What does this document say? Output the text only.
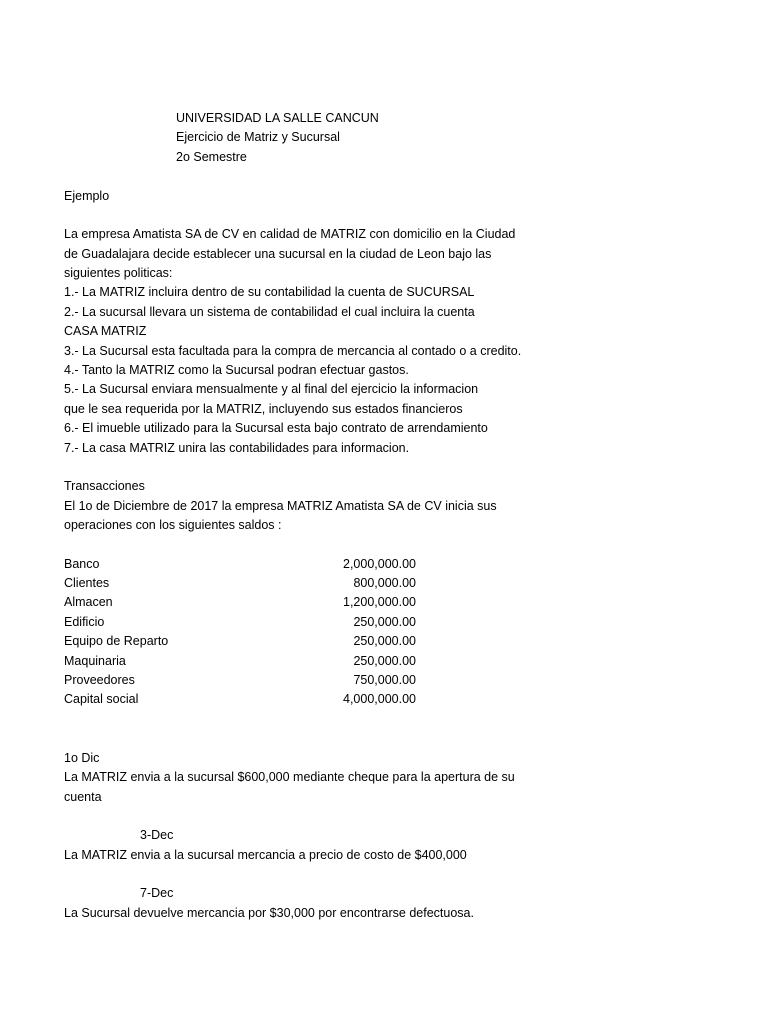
UNIVERSIDAD LA SALLE CANCUN
Ejercicio de Matriz y Sucursal
2o Semestre
Ejemplo
La empresa Amatista SA de CV en calidad de MATRIZ con domicilio en la Ciudad
de Guadalajara decide establecer una sucursal en la ciudad de Leon bajo las
siguientes politicas:
1.- La MATRIZ incluira dentro de su contabilidad la cuenta de SUCURSAL
2.- La sucursal llevara un sistema de contabilidad el cual incluira la cuenta
CASA MATRIZ
3.- La Sucursal esta facultada para la compra de mercancia al contado o a credito.
4.- Tanto la MATRIZ como la Sucursal podran efectuar gastos.
5.- La Sucursal enviara mensualmente y al final del ejercicio la informacion
que le sea requerida por la MATRIZ, incluyendo sus estados financieros
6.- El imueble utilizado para la Sucursal esta bajo contrato de arrendamiento
7.- La casa MATRIZ unira las contabilidades para informacion.
Transacciones
El 1o de Diciembre de 2017 la empresa MATRIZ Amatista SA de CV inicia sus
operaciones con los siguientes saldos :
Banco	2,000,000.00
Clientes	800,000.00
Almacen	1,200,000.00
Edificio	250,000.00
Equipo de Reparto	250,000.00
Maquinaria	250,000.00
Proveedores	750,000.00
Capital social	4,000,000.00
1o Dic
La MATRIZ envia a la sucursal $600,000 mediante cheque para la apertura de su
cuenta
3-Dec
La MATRIZ envia a la sucursal mercancia a precio de costo de $400,000
7-Dec
La Sucursal devuelve mercancia por $30,000 por encontrarse defectuosa.
